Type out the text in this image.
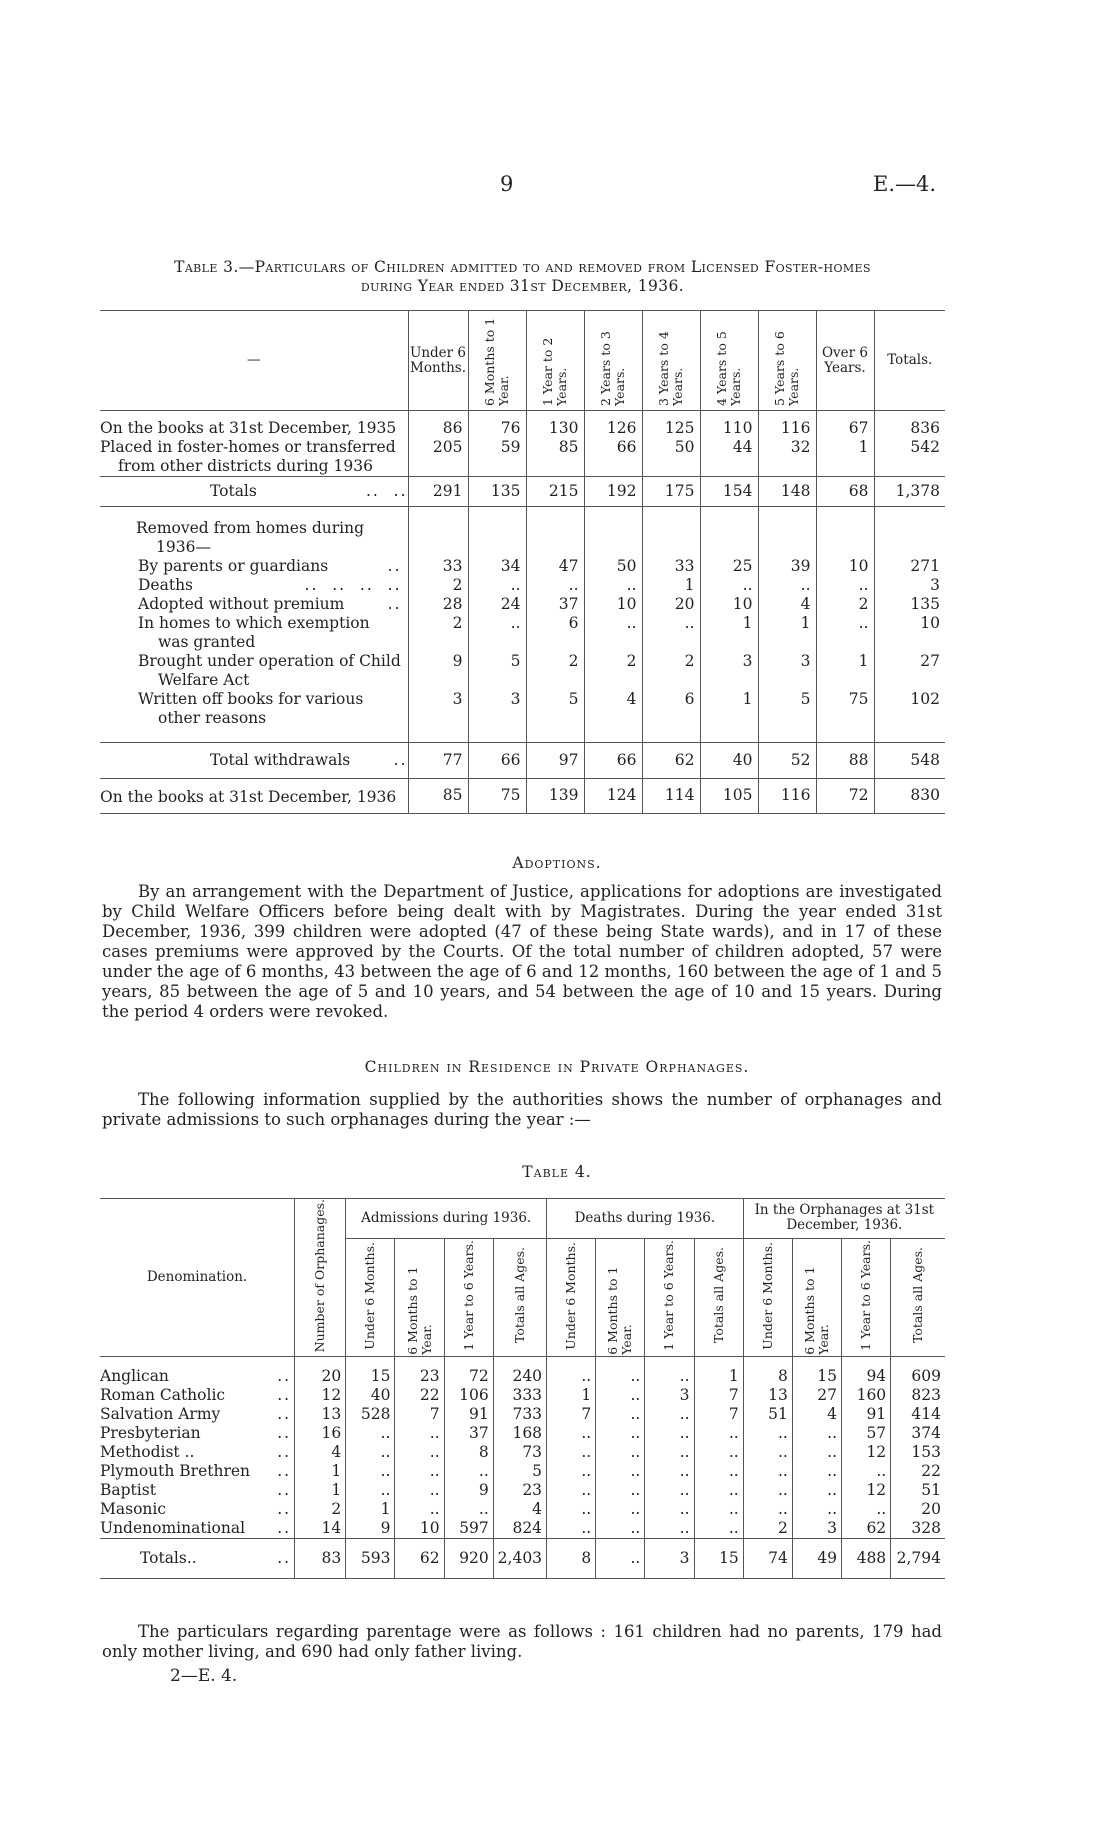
9	E.—4.
Table 3.—Particulars of Children admitted to and removed from Licensed Foster-homes
during Year ended 31st December, 1936.
—	Under 6 Months.	6 Months to 1 Year.	1 Year to 2 Years.	2 Years to 3 Years.	3 Years to 4 Years.	4 Years to 5 Years.	5 Years to 6 Years.	Over 6 Years.	Totals.

On the books at 31st December, 1935	86	76	130	126	125	110	116	67	836

Placed in foster-homes or transferred from other districts during 1936	205	59	85	66	50	44	32	1	542
Totals ..  ..	291	135	215	192	175	154	148	68	1,378

Removed from homes during 1936—									

By parents or guardians ..	33	34	47	50	33	25	39	10	271
Deaths ..  ..  ..  ..	2	..	..	..	1	..	..	..	3
Adopted without premium ..	28	24	37	10	20	10	4	2	135

In homes to which exemption was granted	2	..	6	..	..	1	1	..	10

Brought under operation of Child Welfare Act	9	5	2	2	2	3	3	1	27

Written off books for various other reasons	3	3	5	4	6	1	5	75	102
Total withdrawals ..	77	66	97	66	62	40	52	88	548
On the books at 31st December, 1936	85	75	139	124	114	105	116	72	830
Adoptions.
By an arrangement with the Department of Justice, applications for adoptions are investigated by Child Welfare Officers before being dealt with by Magistrates. During the year ended 31st December, 1936, 399 children were adopted (47 of these being State wards), and in 17 of these cases premiums were approved by the Courts. Of the total number of children adopted, 57 were under the age of 6 months, 43 between the age of 6 and 12 months, 160 between the age of 1 and 5 years, 85 between the age of 5 and 10 years, and 54 between the age of 10 and 15 years. During the period 4 orders were revoked.
Children in Residence in Private Orphanages.
The following information supplied by the authorities shows the number of orphanages and private admissions to such orphanages during the year :—
Table 4.
Denomination.	Number of Orphanages.	Admissions during 1936.				Deaths during 1936.				In the Orphanages at 31st December, 1936.			
		Under 6 Months.	6 Months to 1 Year.	1 Year to 6 Years.	Totals all Ages.	Under 6 Months.	6 Months to 1 Year.	1 Year to 6 Years.	Totals all Ages.	Under 6 Months.	6 Months to 1 Year.	1 Year to 6 Years.	Totals all Ages.

Anglican ..	20	15	23	72	240	..	..	..	1	8	15	94	609
Roman Catholic ..	12	40	22	106	333	1	..	3	7	13	27	160	823
Salvation Army ..	13	528	7	91	733	7	..	..	7	51	4	91	414
Presbyterian ..	16	..	..	37	168	..	..	..	..	..	..	57	374
Methodist .. ..	4	..	..	8	73	..	..	..	..	..	..	12	153
Plymouth Brethren ..	1	..	..	..	5	..	..	..	..	..	..	..	22
Baptist ..	1	..	..	9	23	..	..	..	..	..	..	12	51
Masonic ..	2	1	..	..	4	..	..	..	..	..	..	..	20
Undenominational ..	14	9	10	597	824	..	..	..	..	2	3	62	328
Totals.. ..	83	593	62	920	2,403	8	..	3	15	74	49	488	2,794
The particulars regarding parentage were as follows : 161 children had no parents, 179 had only mother living, and 690 had only father living.
2—E. 4.
